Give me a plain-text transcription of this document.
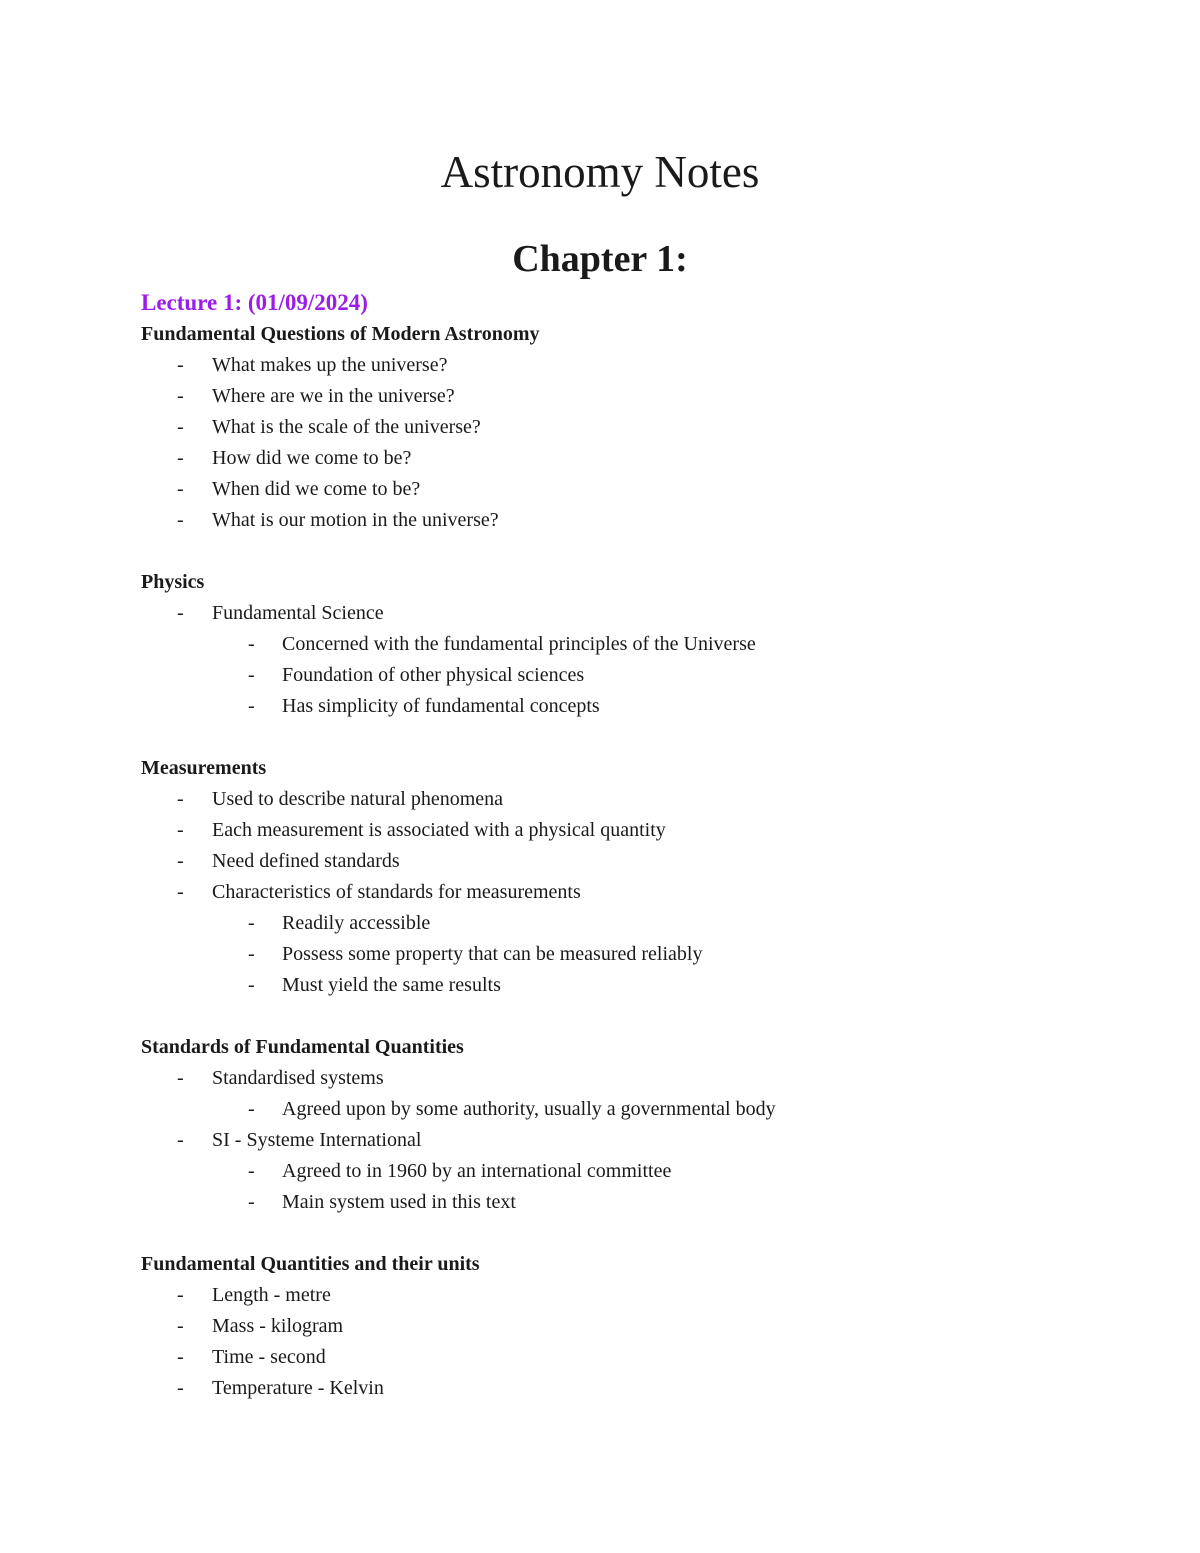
Astronomy Notes
Chapter 1:
Lecture 1: (01/09/2024)
Fundamental Questions of Modern Astronomy
- What makes up the universe?
- Where are we in the universe?
- What is the scale of the universe?
- How did we come to be?
- When did we come to be?
- What is our motion in the universe?
Physics
- Fundamental Science
- Concerned with the fundamental principles of the Universe
- Foundation of other physical sciences
- Has simplicity of fundamental concepts
Measurements
- Used to describe natural phenomena
- Each measurement is associated with a physical quantity
- Need defined standards
- Characteristics of standards for measurements
- Readily accessible
- Possess some property that can be measured reliably
- Must yield the same results
Standards of Fundamental Quantities
- Standardised systems
- Agreed upon by some authority, usually a governmental body
- SI - Systeme International
- Agreed to in 1960 by an international committee
- Main system used in this text
Fundamental Quantities and their units
- Length - metre
- Mass - kilogram
- Time - second
- Temperature - Kelvin
